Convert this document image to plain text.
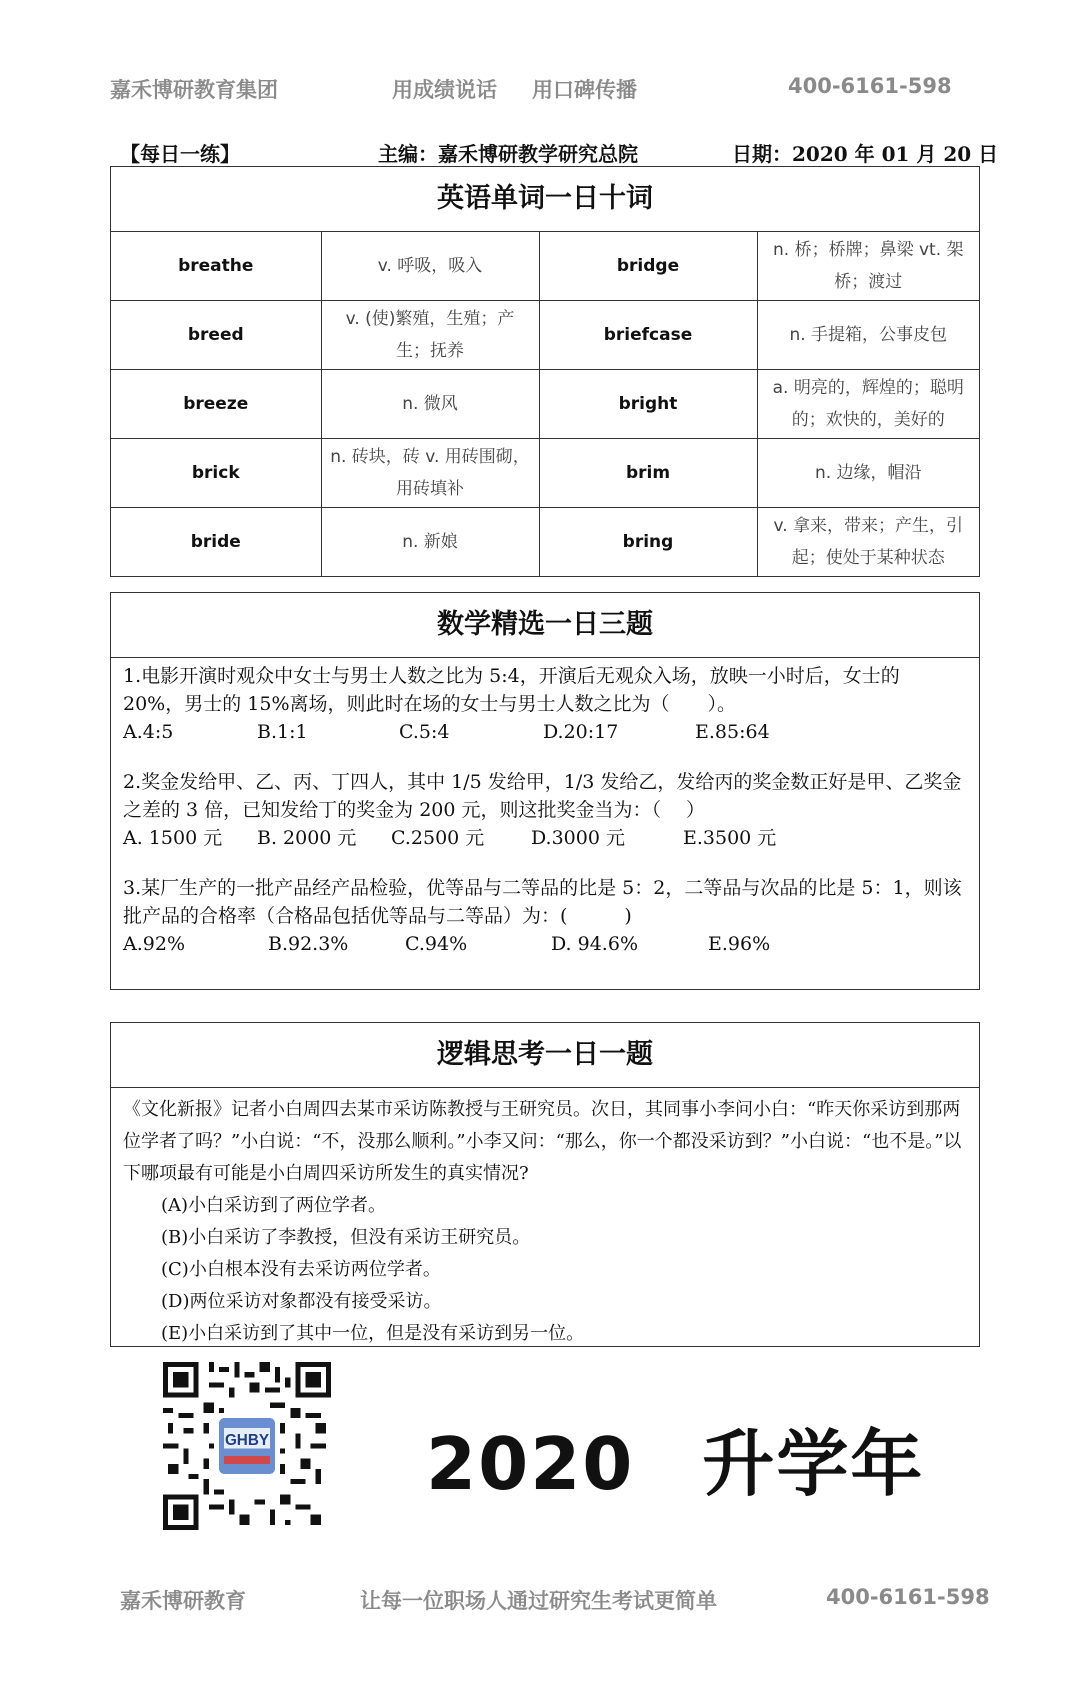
嘉禾博研教育集团	用成绩说话 用口碑传播	400-6161-598
【每日一练】	主编：嘉禾博研教学研究总院	日期：2020 年 01 月 20 日
英语单词一日十词
breathe	v. 呼吸，吸入	bridge	n. 桥；桥牌；鼻梁 vt. 架桥；渡过
breed	v. (使)繁殖，生殖；产生；抚养	briefcase	n. 手提箱，公事皮包
breeze	n. 微风	bright	a. 明亮的，辉煌的；聪明的；欢快的，美好的
brick	n. 砖块，砖 v. 用砖围砌，用砖填补	brim	n. 边缘，帽沿
bride	n. 新娘	bring	v. 拿来，带来；产生，引起；使处于某种状态
数学精选一日三题
1.电影开演时观众中女士与男士人数之比为 5:4，开演后无观众入场，放映一小时后，女士的 20%，男士的 15%离场，则此时在场的女士与男士人数之比为（　　）。
A.4:5	B.1:1	C.5:4	D.20:17	E.85:64
2.奖金发给甲、乙、丙、丁四人，其中 1/5 发给甲，1/3 发给乙，发给丙的奖金数正好是甲、乙奖金之差的 3 倍，已知发给丁的奖金为 200 元，则这批奖金当为：（　 ）
A. 1500 元 B. 2000 元 C.2500 元 D.3000 元	E.3500 元
3.某厂生产的一批产品经产品检验，优等品与二等品的比是 5：2，二等品与次品的比是 5：1，则该批产品的合格率（合格品包括优等品与二等品）为：(　　　)
A.92%	B.92.3%	C.94%	D. 94.6%	E.96%
逻辑思考一日一题
《文化新报》记者小白周四去某市采访陈教授与王研究员。次日，其同事小李问小白：“昨天你采访到那两位学者了吗？”小白说：“不，没那么顺利。”小李又问：“那么，你一个都没采访到？”小白说：“也不是。”以下哪项最有可能是小白周四采访所发生的真实情况?
(A)小白采访到了两位学者。
(B)小白采访了李教授，但没有采访王研究员。
(C)小白根本没有去采访两位学者。
(D)两位采访对象都没有接受采访。
(E)小白采访到了其中一位，但是没有采访到另一位。
GHBY 2020 升学年
嘉禾博研教育	让每一位职场人通过研究生考试更简单	400-6161-598
